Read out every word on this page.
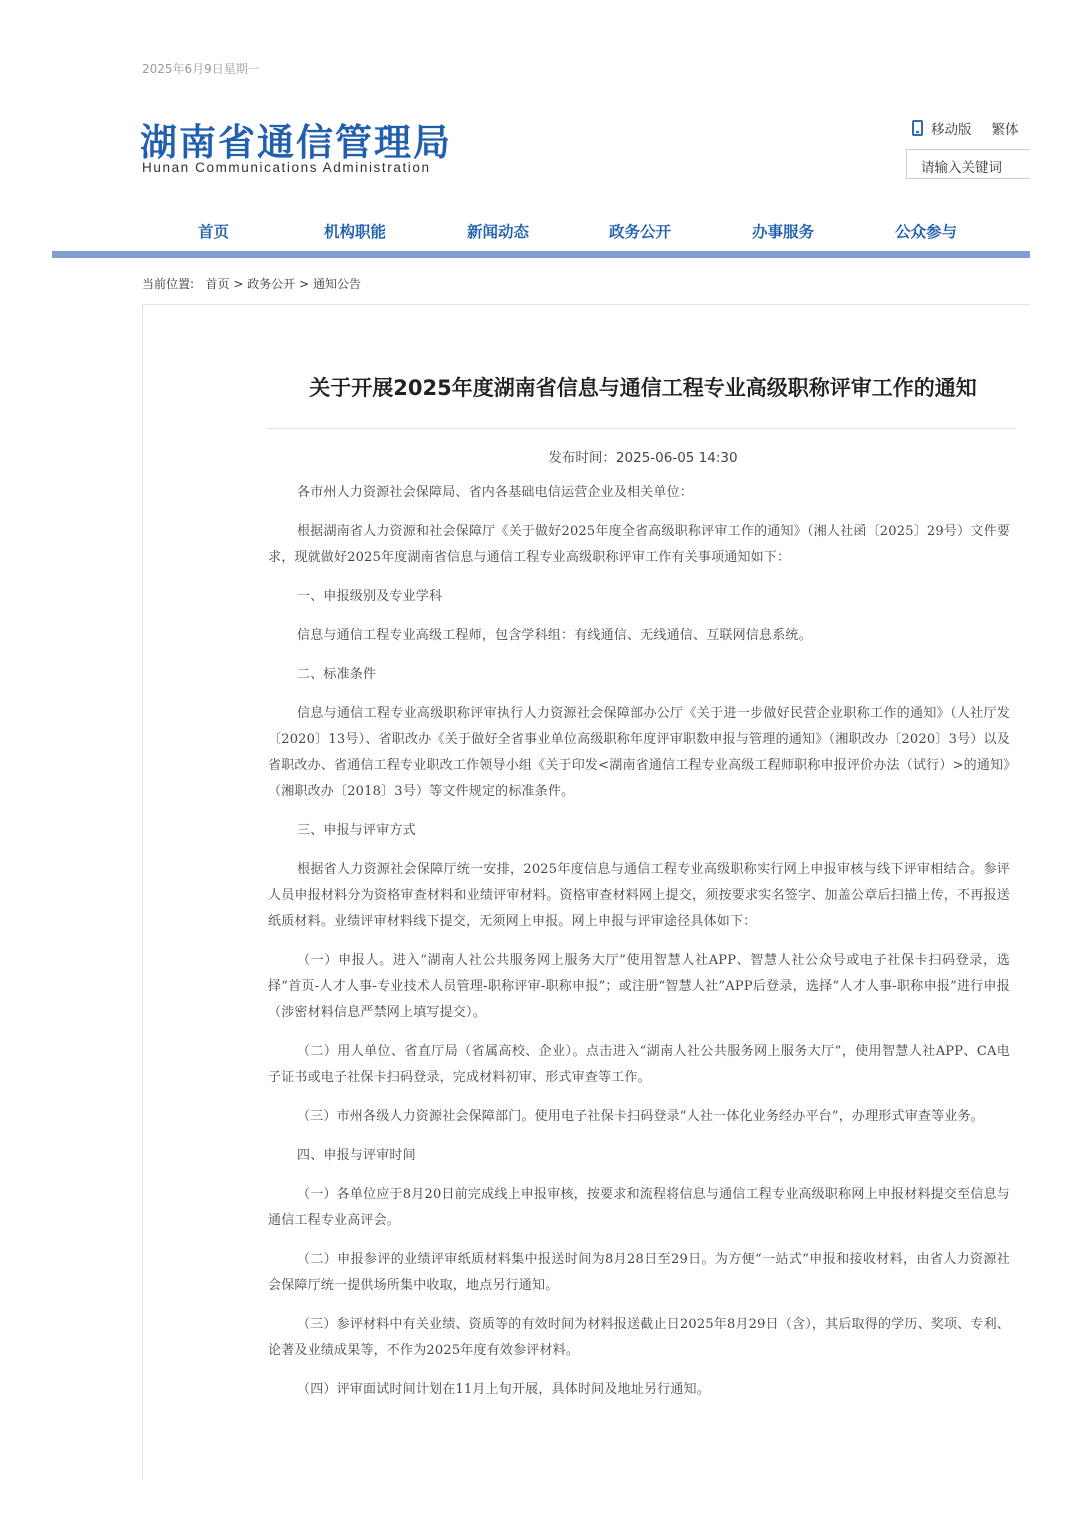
2025年6月9日星期一
湖南省通信管理局
Hunan Communications Administration
移动版 繁体
请输入关键词
首页	机构职能	新闻动态	政务公开	办事服务	公众参与
当前位置: 首页 > 政务公开 > 通知公告
关于开展2025年度湖南省信息与通信工程专业高级职称评审工作的通知
发布时间：2025-06-05 14:30

各市州人力资源社会保障局、省内各基础电信运营企业及相关单位：

根据湖南省人力资源和社会保障厅《关于做好2025年度全省高级职称评审工作的通知》（湘人社函〔2025〕29号）文件要求，现就做好2025年度湖南省信息与通信工程专业高级职称评审工作有关事项通知如下：

一、申报级别及专业学科

信息与通信工程专业高级工程师，包含学科组：有线通信、无线通信、互联网信息系统。

二、标准条件

信息与通信工程专业高级职称评审执行人力资源社会保障部办公厅《关于进一步做好民营企业职称工作的通知》（人社厅发〔2020〕13号）、省职改办《关于做好全省事业单位高级职称年度评审职数申报与管理的通知》（湘职改办〔2020〕3号）以及省职改办、省通信工程专业职改工作领导小组《关于印发<湖南省通信工程专业高级工程师职称申报评价办法（试行）>的通知》（湘职改办〔2018〕3号）等文件规定的标准条件。

三、申报与评审方式

根据省人力资源社会保障厅统一安排，2025年度信息与通信工程专业高级职称实行网上申报审核与线下评审相结合。参评人员申报材料分为资格审查材料和业绩评审材料。资格审查材料网上提交，须按要求实名签字、加盖公章后扫描上传，不再报送纸质材料。业绩评审材料线下提交，无须网上申报。网上申报与评审途径具体如下：

（一）申报人。进入“湖南人社公共服务网上服务大厅”使用智慧人社APP、智慧人社公众号或电子社保卡扫码登录，选择“首页-人才人事-专业技术人员管理-职称评审-职称申报”；或注册“智慧人社”APP后登录，选择“人才人事-职称申报”进行申报（涉密材料信息严禁网上填写提交）。

（二）用人单位、省直厅局（省属高校、企业）。点击进入“湖南人社公共服务网上服务大厅”，使用智慧人社APP、CA电子证书或电子社保卡扫码登录，完成材料初审、形式审查等工作。

（三）市州各级人力资源社会保障部门。使用电子社保卡扫码登录“人社一体化业务经办平台”，办理形式审查等业务。

四、申报与评审时间

（一）各单位应于8月20日前完成线上申报审核，按要求和流程将信息与通信工程专业高级职称网上申报材料提交至信息与通信工程专业高评会。

（二）申报参评的业绩评审纸质材料集中报送时间为8月28日至29日。为方便“一站式”申报和接收材料，由省人力资源社会保障厅统一提供场所集中收取，地点另行通知。

（三）参评材料中有关业绩、资质等的有效时间为材料报送截止日2025年8月29日（含），其后取得的学历、奖项、专利、论著及业绩成果等，不作为2025年度有效参评材料。

（四）评审面试时间计划在11月上旬开展，具体时间及地址另行通知。
